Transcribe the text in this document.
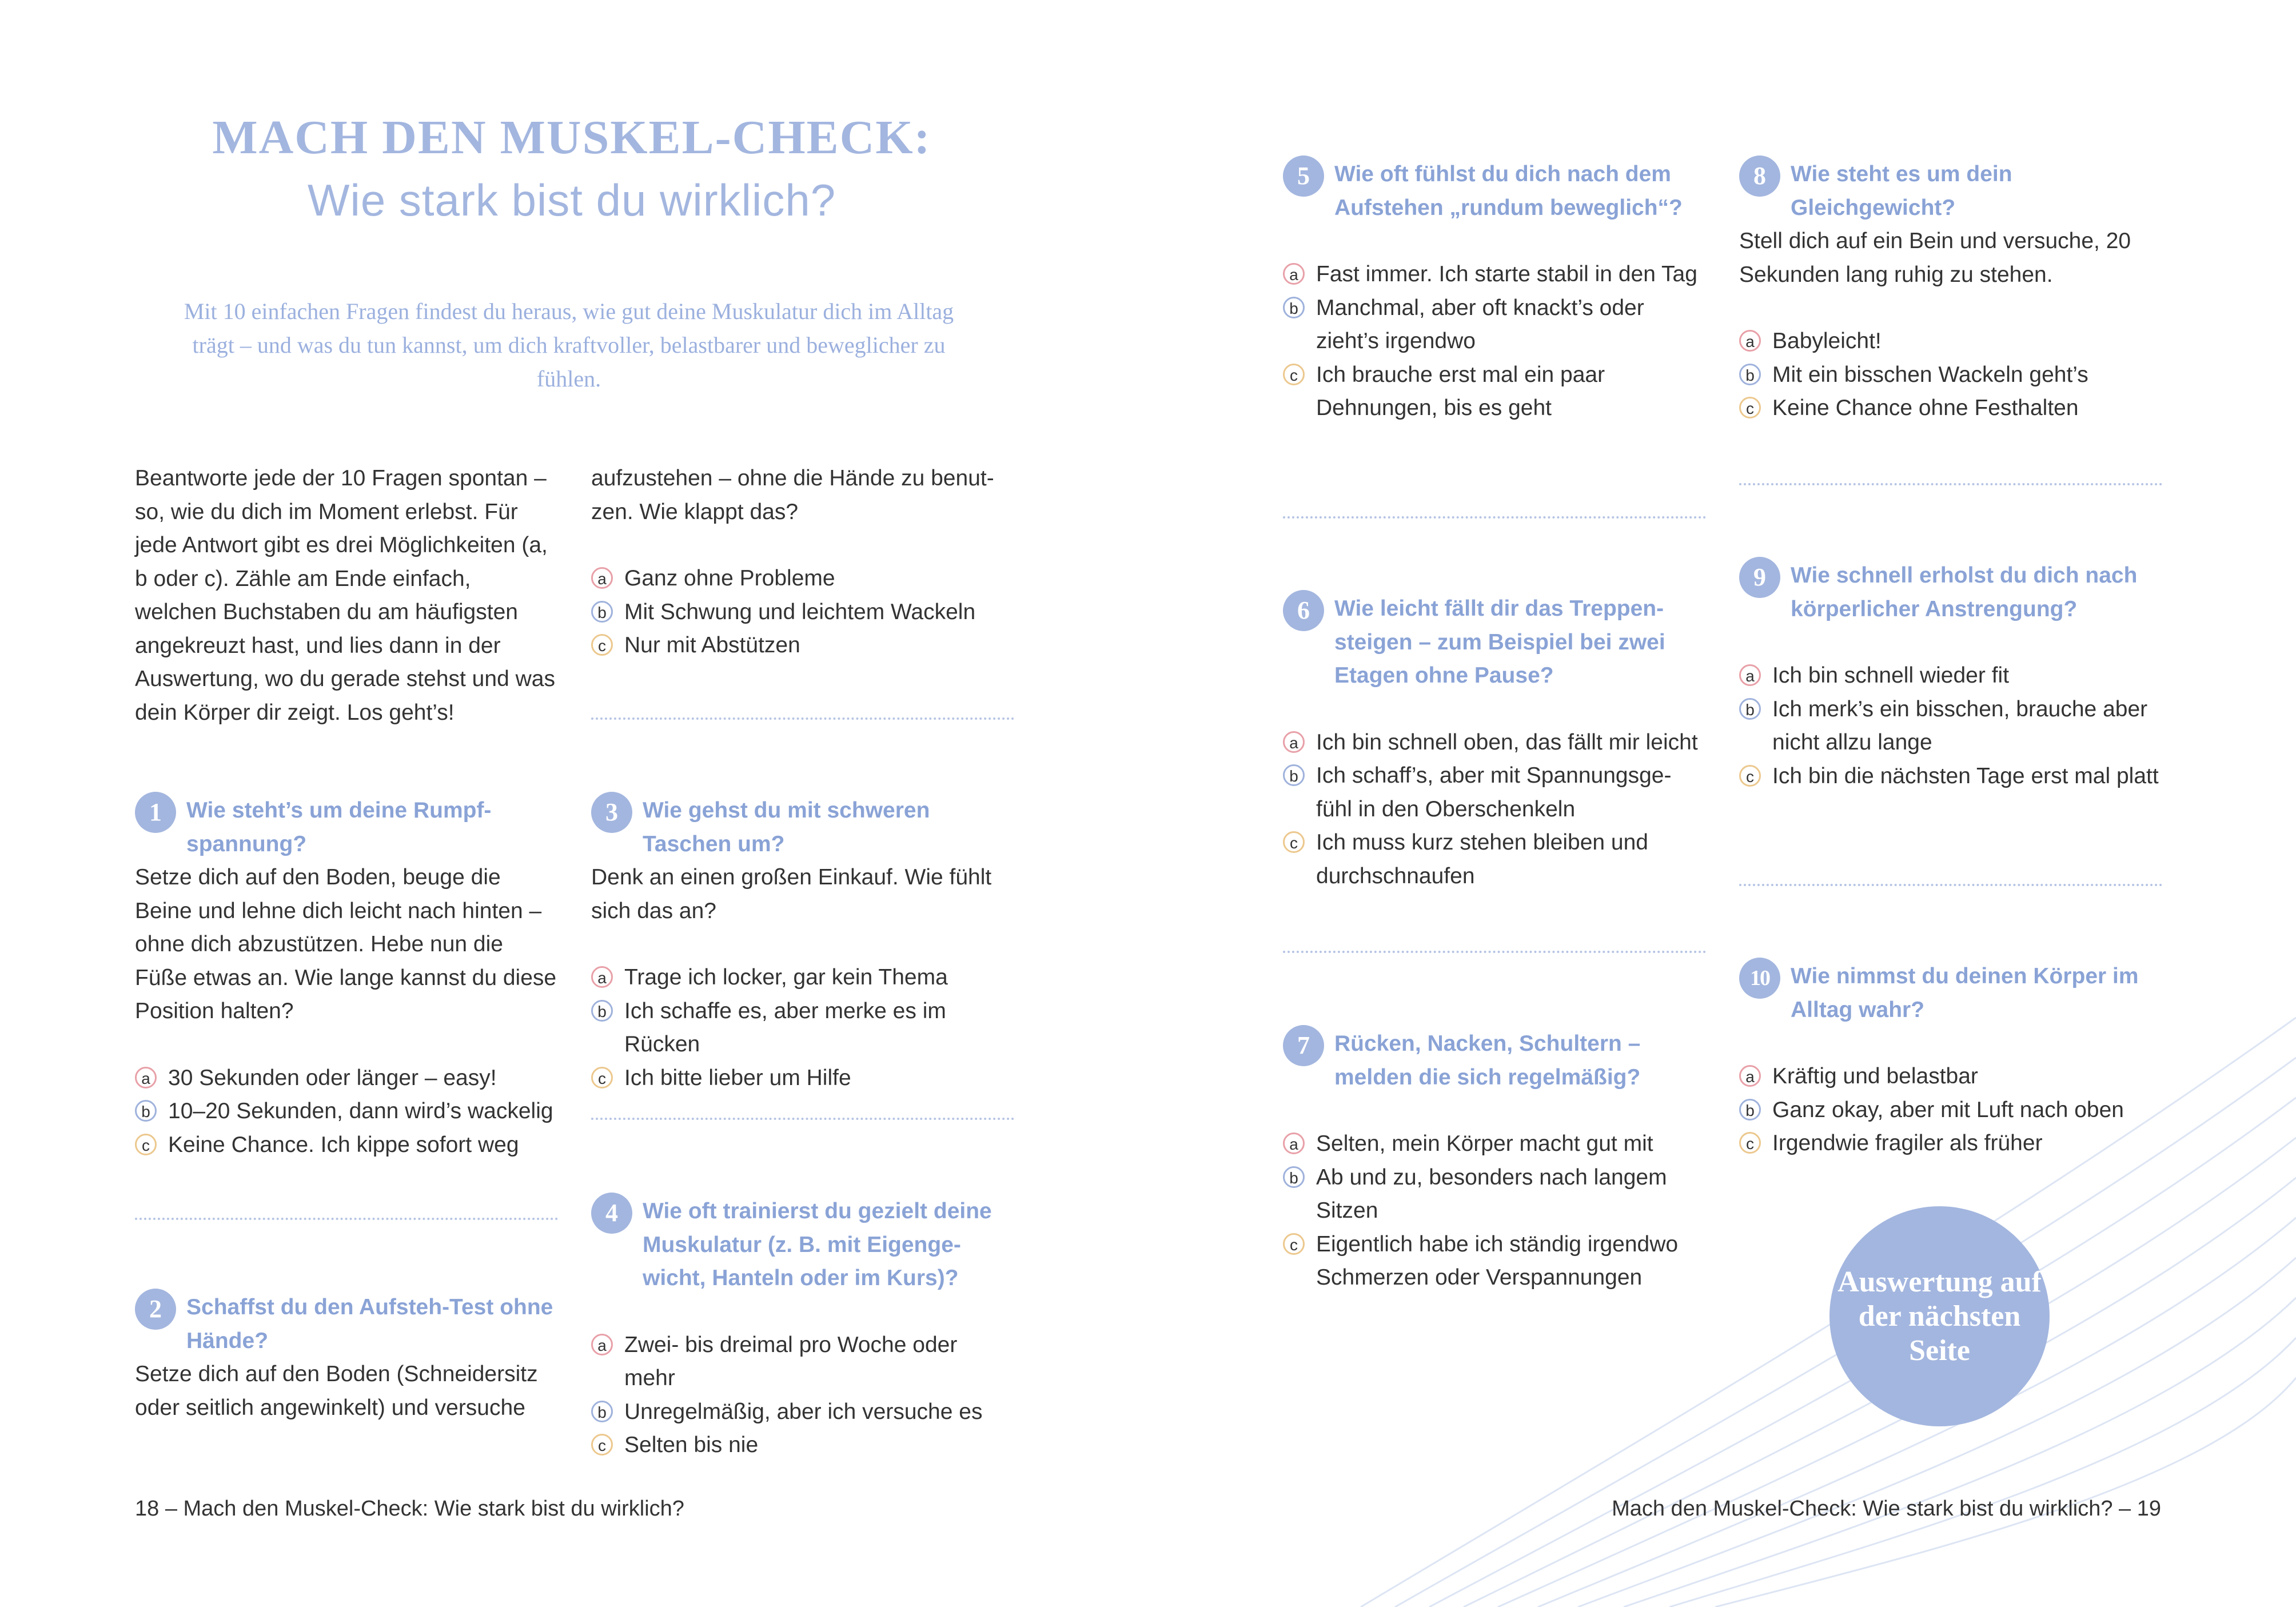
MACH DEN MUSKEL-CHECK:
Wie stark bist du wirklich?

Mit 10 einfachen Fragen findest du heraus, wie gut deine Muskulatur dich im Alltag trägt – und was du tun kannst, um dich kraftvoller, belastbarer und beweglicher zu fühlen.

Beantworte jede der 10 Fragen spontan – so, wie du dich im Moment erlebst. Für jede Antwort gibt es drei Möglichkeiten (a, b oder c). Zähle am Ende einfach, welchen Buchstaben du am häufigsten angekreuzt hast, und lies dann in der Auswertung, wo du gerade stehst und was dein Körper dir zeigt. Los geht’s!

1	Wie steht’s um deine Rumpf-spannung?

Setze dich auf den Boden, beuge die Beine und lehne dich leicht nach hinten – ohne dich abzustützen. Hebe nun die Füße etwas an. Wie lange kannst du diese Position halten?

a 30 Sekunden oder länger – easy!
b 10–20 Sekunden, dann wird’s wackelig
c Keine Chance. Ich kippe sofort weg
2	Schaffst du den Aufsteh-Test ohne Hände?

Setze dich auf den Boden (Schneidersitz oder seitlich angewinkelt) und versuche

aufzustehen – ohne die Hände zu benut-zen. Wie klappt das?

a Ganz ohne Probleme
b Mit Schwung und leichtem Wackeln
c Nur mit Abstützen
3	Wie gehst du mit schweren Taschen um?

Denk an einen großen Einkauf. Wie fühlt sich das an?

a Trage ich locker, gar kein Thema
b Ich schaffe es, aber merke es im Rücken
c Ich bitte lieber um Hilfe
4	Wie oft trainierst du gezielt deine Muskulatur (z. B. mit Eigenge-wicht, Hanteln oder im Kurs)?
a Zwei- bis dreimal pro Woche oder mehr
b Unregelmäßig, aber ich versuche es
c Selten bis nie

18 – Mach den Muskel-Check: Wie stark bist du wirklich?

5	Wie oft fühlst du dich nach dem Aufstehen „rundum beweglich“?
a Fast immer. Ich starte stabil in den Tag
b Manchmal, aber oft knackt’s oder zieht’s irgendwo
c Ich brauche erst mal ein paar Dehnungen, bis es geht
6	Wie leicht fällt dir das Treppen-steigen – zum Beispiel bei zwei Etagen ohne Pause?
a Ich bin schnell oben, das fällt mir leicht
b Ich schaff’s, aber mit Spannungsge-fühl in den Oberschenkeln
c Ich muss kurz stehen bleiben und durchschnaufen
7	Rücken, Nacken, Schultern – melden die sich regelmäßig?
a Selten, mein Körper macht gut mit
b Ab und zu, besonders nach langem Sitzen
c Eigentlich habe ich ständig irgendwo Schmerzen oder Verspannungen
8	Wie steht es um dein Gleichgewicht?

Stell dich auf ein Bein und versuche, 20 Sekunden lang ruhig zu stehen.

a Babyleicht!
b Mit ein bisschen Wackeln geht’s
c Keine Chance ohne Festhalten
9	Wie schnell erholst du dich nach körperlicher Anstrengung?
a Ich bin schnell wieder fit
b Ich merk’s ein bisschen, brauche aber nicht allzu lange
c Ich bin die nächsten Tage erst mal platt
10 Wie nimmst du deinen Körper im Alltag wahr?
a Kräftig und belastbar
b Ganz okay, aber mit Luft nach oben
c Irgendwie fragiler als früher
Auswertung auf der nächsten Seite

Mach den Muskel-Check: Wie stark bist du wirklich? – 19
